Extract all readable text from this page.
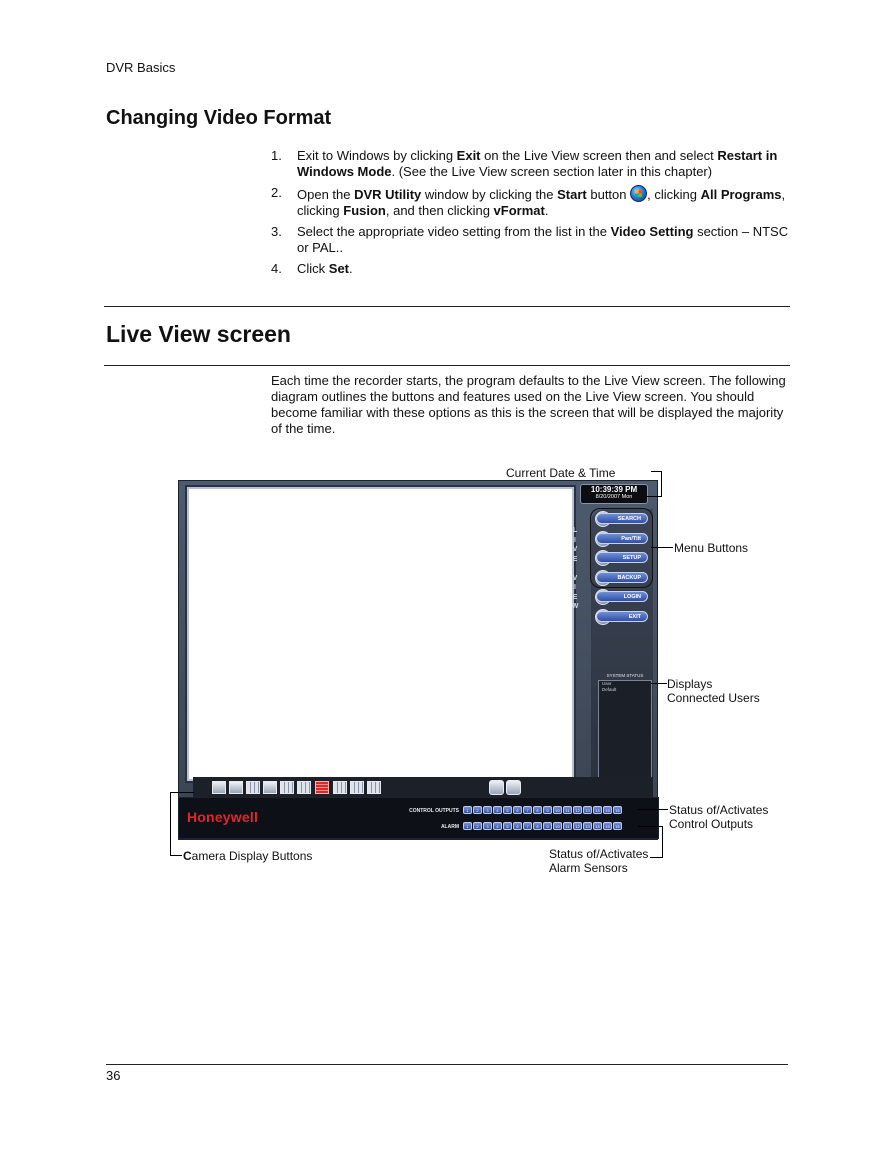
DVR Basics
Changing Video Format
1. Exit to Windows by clicking Exit on the Live View screen then and select Restart in Windows Mode. (See the Live View screen section later in this chapter)
2. Open the DVR Utility window by clicking the Start button , clicking All Programs, clicking Fusion, and then clicking vFormat.
3. Select the appropriate video setting from the list in the Video Setting section – NTSC or PAL..
4. Click Set.
Live View screen
Each time the recorder starts, the program defaults to the Live View screen. The following diagram outlines the buttons and features used on the Live View screen. You should become familiar with these options as this is the screen that will be displayed the majority of the time.
L
I
V
E
V
I
E
W
10:39:39 PM
8/20/2007 Mon
SEARCH
Pan/Tilt
SETUP
BACKUP
LOGIN
EXIT
SYSTEM STATUS
User
Default
Honeywell	CONTROL OUTPUTS	1	2	3	4	5	6	7	8	9	10	11	12	13	14	15	16
ALARM	1	2	3	4	5	6	7	8	9	10	11	12	13	14	15	16
Current Date & Time
Menu Buttons
Displays
Connected Users
Status of/Activates
Control Outputs
Status of/Activates
Alarm Sensors
Camera Display Buttons
36
